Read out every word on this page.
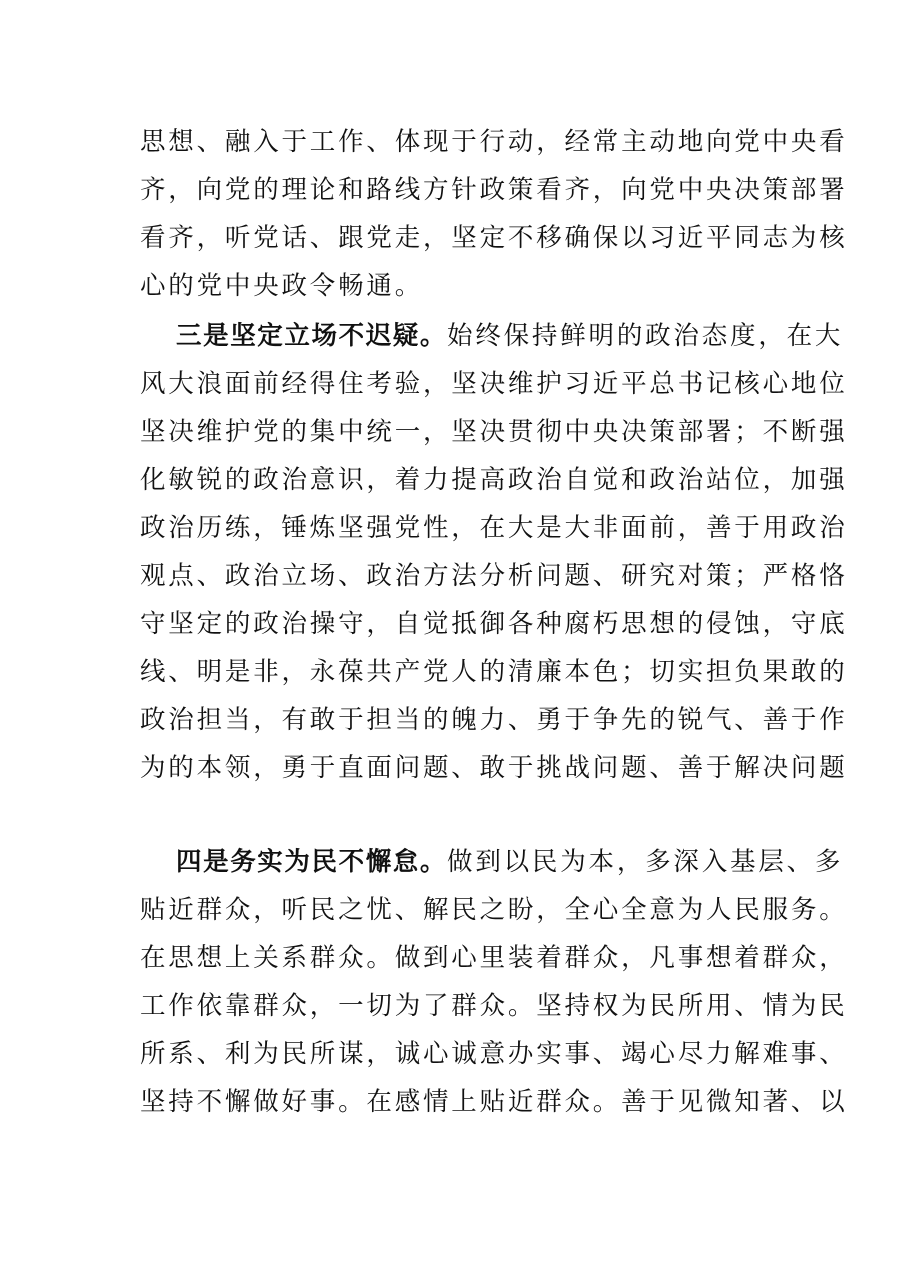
思想、融入于工作、体现于行动，经常主动地向党中央看
齐，向党的理论和路线方针政策看齐，向党中央决策部署
看齐，听党话、跟党走，坚定不移确保以习近平同志为核
心的党中央政令畅通。
三是坚定立场不迟疑。始终保持鲜明的政治态度，在大
风大浪面前经得住考验，坚决维护习近平总书记核心地位
坚决维护党的集中统一，坚决贯彻中央决策部署；不断强
化敏锐的政治意识，着力提高政治自觉和政治站位，加强
政治历练，锤炼坚强党性，在大是大非面前，善于用政治
观点、政治立场、政治方法分析问题、研究对策；严格恪
守坚定的政治操守，自觉抵御各种腐朽思想的侵蚀，守底
线、明是非，永葆共产党人的清廉本色；切实担负果敢的
政治担当，有敢于担当的魄力、勇于争先的锐气、善于作
为的本领，勇于直面问题、敢于挑战问题、善于解决问题
四是务实为民不懈怠。做到以民为本，多深入基层、多
贴近群众，听民之忧、解民之盼，全心全意为人民服务。
在思想上关系群众。做到心里装着群众，凡事想着群众，
工作依靠群众，一切为了群众。坚持权为民所用、情为民
所系、利为民所谋，诚心诚意办实事、竭心尽力解难事、
坚持不懈做好事。在感情上贴近群众。善于见微知著、以
